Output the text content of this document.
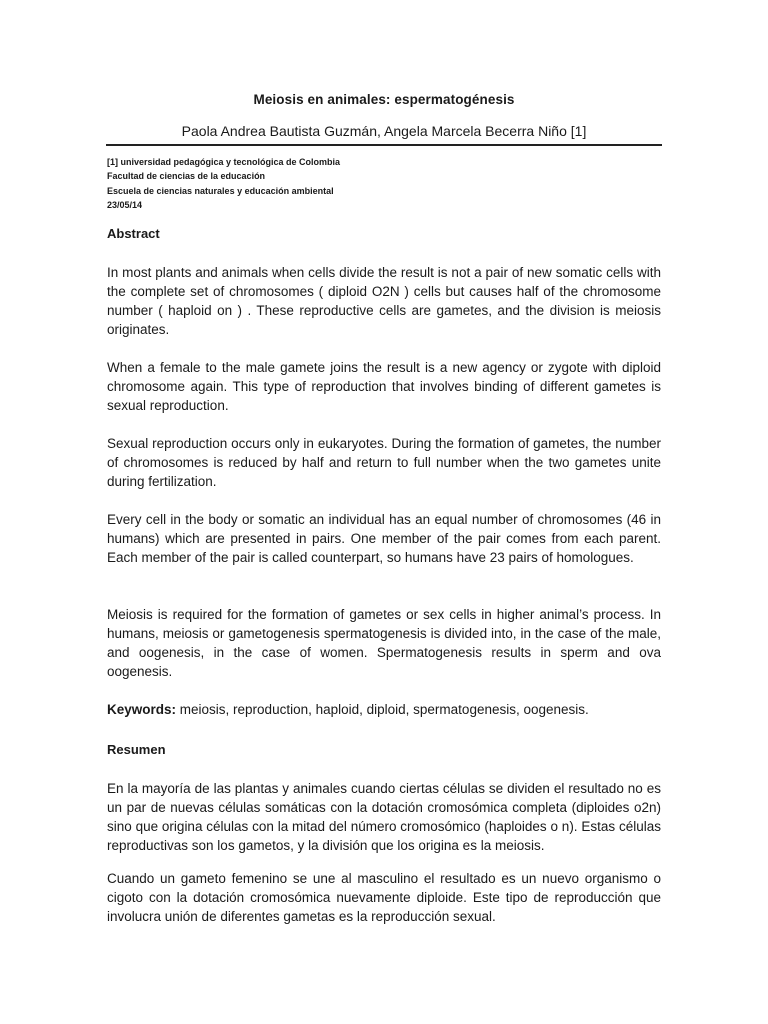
Meiosis en animales: espermatogénesis
Paola Andrea Bautista Guzmán, Angela Marcela Becerra Niño [1]
[1] universidad pedagógica y tecnológica de Colombia
Facultad de ciencias de la educación
Escuela de ciencias naturales y educación ambiental
23/05/14
Abstract

In most plants and animals when cells divide the result is not a pair of new somatic cells with the complete set of chromosomes ( diploid O2N ) cells but causes half of the chromosome number ( haploid on ) . These reproductive cells are gametes, and the division is meiosis originates.

When a female to the male gamete joins the result is a new agency or zygote with diploid chromosome again. This type of reproduction that involves binding of different gametes is sexual reproduction.

Sexual reproduction occurs only in eukaryotes. During the formation of gametes, the number of chromosomes is reduced by half and return to full number when the two gametes unite during fertilization.

Every cell in the body or somatic an individual has an equal number of chromosomes (46 in humans) which are presented in pairs. One member of the pair comes from each parent. Each member of the pair is called counterpart, so humans have 23 pairs of homologues.

Meiosis is required for the formation of gametes or sex cells in higher animal’s process. In humans, meiosis or gametogenesis spermatogenesis is divided into, in the case of the male, and oogenesis, in the case of women. Spermatogenesis results in sperm and ova oogenesis.

Keywords: meiosis, reproduction, haploid, diploid, spermatogenesis, oogenesis.

Resumen

En la mayoría de las plantas y animales cuando ciertas células se dividen el resultado no es un par de nuevas células somáticas con la dotación cromosómica completa (diploides o2n) sino que origina células con la mitad del número cromosómico (haploides o n). Estas células reproductivas son los gametos, y la división que los origina es la meiosis.

Cuando un gameto femenino se une al masculino el resultado es un nuevo organismo o cigoto con la dotación cromosómica nuevamente diploide. Este tipo de reproducción que involucra unión de diferentes gametas es la reproducción sexual.
